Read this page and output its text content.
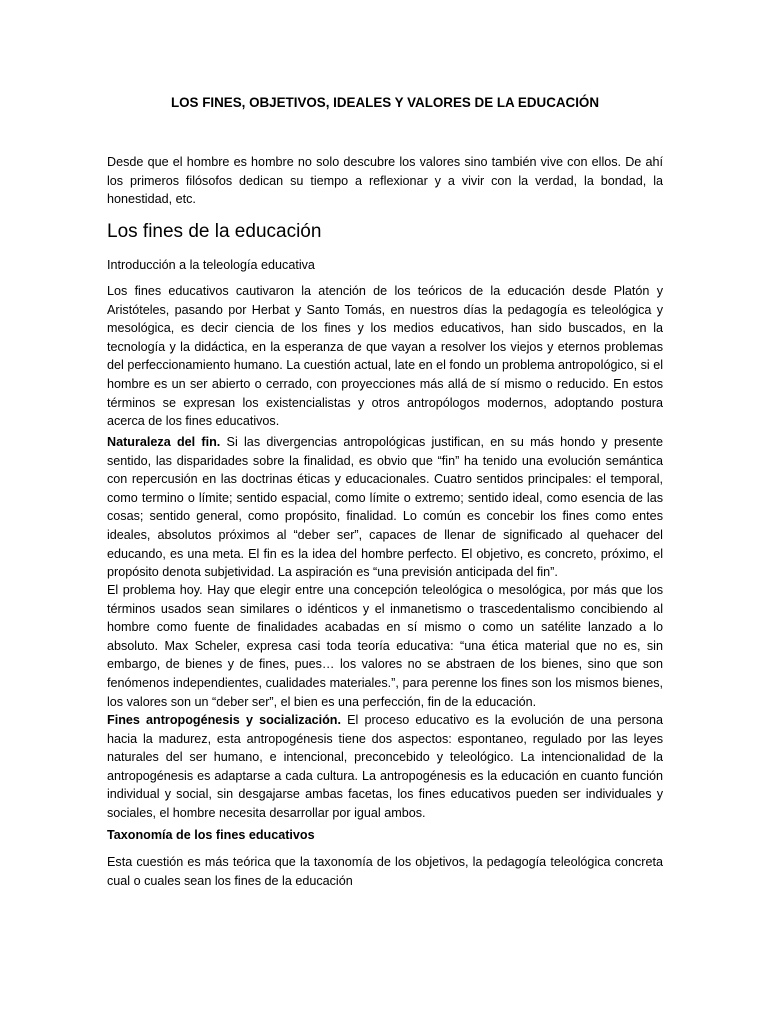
LOS FINES, OBJETIVOS, IDEALES Y VALORES DE LA EDUCACIÓN

Desde que el hombre es hombre no solo descubre los valores sino también vive con ellos. De ahí los primeros filósofos dedican su tiempo a reflexionar y a vivir con la verdad, la bondad, la honestidad, etc.

Los fines de la educación

Introducción a la teleología educativa

Los fines educativos cautivaron la atención de los teóricos de la educación desde Platón y Aristóteles, pasando por Herbat y Santo Tomás, en nuestros días la pedagogía es teleológica y mesológica, es decir ciencia de los fines y los medios educativos, han sido buscados, en la tecnología y la didáctica, en la esperanza de que vayan a resolver los viejos y eternos problemas del perfeccionamiento humano. La cuestión actual, late en el fondo un problema antropológico, si el hombre es un ser abierto o cerrado, con proyecciones más allá de sí mismo o reducido. En estos términos se expresan los existencialistas y otros antropólogos modernos, adoptando postura acerca de los fines educativos.

Naturaleza del fin. Si las divergencias antropológicas justifican, en su más hondo y presente sentido, las disparidades sobre la finalidad, es obvio que “fin” ha tenido una evolución semántica con repercusión en las doctrinas éticas y educacionales. Cuatro sentidos principales: el temporal, como termino o límite; sentido espacial, como límite o extremo; sentido ideal, como esencia de las cosas; sentido general, como propósito, finalidad. Lo común es concebir los fines como entes ideales, absolutos próximos al “deber ser”, capaces de llenar de significado al quehacer del educando, es una meta. El fin es la idea del hombre perfecto. El objetivo, es concreto, próximo, el propósito denota subjetividad. La aspiración es “una previsión anticipada del fin”.

El problema hoy. Hay que elegir entre una concepción teleológica o mesológica, por más que los términos usados sean similares o idénticos y el inmanetismo o trascedentalismo concibiendo al hombre como fuente de finalidades acabadas en sí mismo o como un satélite lanzado a lo absoluto. Max Scheler, expresa casi toda teoría educativa: “una ética material que no es, sin embargo, de bienes y de fines, pues… los valores no se abstraen de los bienes, sino que son fenómenos independientes, cualidades materiales.”, para perenne los fines son los mismos bienes, los valores son un “deber ser”, el bien es una perfección, fin de la educación.

Fines antropogénesis y socialización. El proceso educativo es la evolución de una persona hacia la madurez, esta antropogénesis tiene dos aspectos: espontaneo, regulado por las leyes naturales del ser humano, e intencional, preconcebido y teleológico. La intencionalidad de la antropogénesis es adaptarse a cada cultura. La antropogénesis es la educación en cuanto función individual y social, sin desgajarse ambas facetas, los fines educativos pueden ser individuales y sociales, el hombre necesita desarrollar por igual ambos.

Taxonomía de los fines educativos

Esta cuestión es más teórica que la taxonomía de los objetivos, la pedagogía teleológica concreta cual o cuales sean los fines de la educación
